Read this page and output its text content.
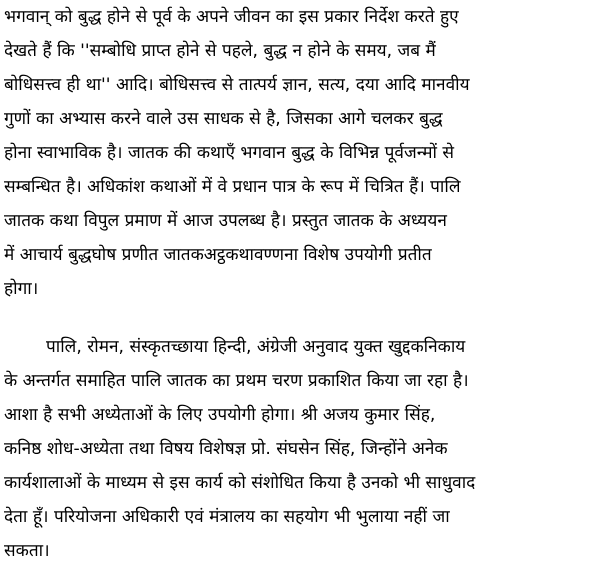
भगवान् को बुद्ध होने से पूर्व के अपने जीवन का इस प्रकार निर्देश करते हुए
देखते हैं कि ''सम्बोधि प्राप्त होने से पहले, बुद्ध न होने के समय, जब मैं
बोधिसत्त्व ही था'' आदि। बोधिसत्त्व से तात्पर्य ज्ञान, सत्य, दया आदि मानवीय
गुणों का अभ्यास करने वाले उस साधक से है, जिसका आगे चलकर बुद्ध
होना स्वाभाविक है। जातक की कथाएँ भगवान बुद्ध के विभिन्न पूर्वजन्मों से
सम्बन्धित है। अधिकांश कथाओं में वे प्रधान पात्र के रूप में चित्रित हैं। पालि
जातक कथा विपुल प्रमाण में आज उपलब्ध है। प्रस्तुत जातक के अध्ययन
में आचार्य बुद्धघोष प्रणीत जातकअट्ठकथावण्णना विशेष उपयोगी प्रतीत
होगा।
पालि, रोमन, संस्कृतच्छाया हिन्दी, अंग्रेजी अनुवाद युक्त खुद्दकनिकाय
के अन्तर्गत समाहित पालि जातक का प्रथम चरण प्रकाशित किया जा रहा है।
आशा है सभी अध्येताओं के लिए उपयोगी होगा। श्री अजय कुमार सिंह,
कनिष्ठ शोध-अध्येता तथा विषय विशेषज्ञ प्रो. संघसेन सिंह, जिन्होंने अनेक
कार्यशालाओं के माध्यम से इस कार्य को संशोधित किया है उनको भी साधुवाद
देता हूँ। परियोजना अधिकारी एवं मंत्रालय का सहयोग भी भुलाया नहीं जा
सकता।
